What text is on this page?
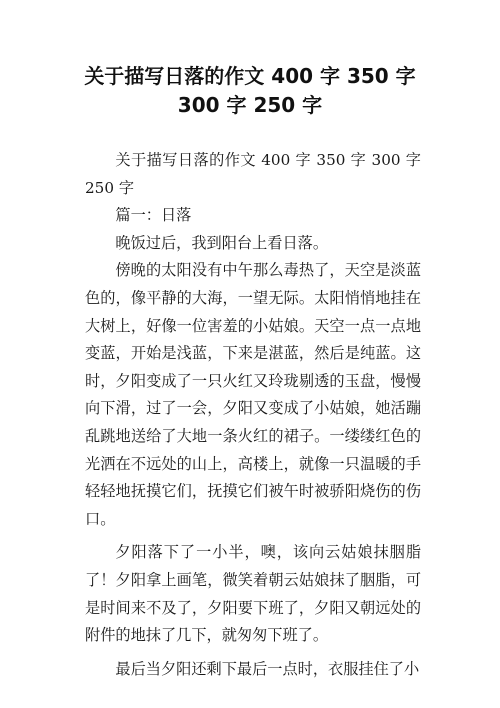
关于描写日落的作文 400 字 350 字
300 字 250 字

关于描写日落的作文 400 字 350 字 300 字 250 字

篇一：日落

晚饭过后，我到阳台上看日落。

傍晚的太阳没有中午那么毒热了，天空是淡蓝色的，像平静的大海，一望无际。太阳悄悄地挂在大树上，好像一位害羞的小姑娘。天空一点一点地变蓝，开始是浅蓝，下来是湛蓝，然后是纯蓝。这时，夕阳变成了一只火红又玲珑剔透的玉盘，慢慢向下滑，过了一会，夕阳又变成了小姑娘，她活蹦乱跳地送给了大地一条火红的裙子。一缕缕红色的光洒在不远处的山上，高楼上，就像一只温暖的手轻轻地抚摸它们，抚摸它们被午时被骄阳烧伤的伤口。

夕阳落下了一小半，噢，该向云姑娘抹胭脂了！夕阳拿上画笔，微笑着朝云姑娘抹了胭脂，可是时间来不及了，夕阳要下班了，夕阳又朝远处的附件的地抹了几下，就匆匆下班了。

最后当夕阳还剩下最后一点时，衣服挂住了小
